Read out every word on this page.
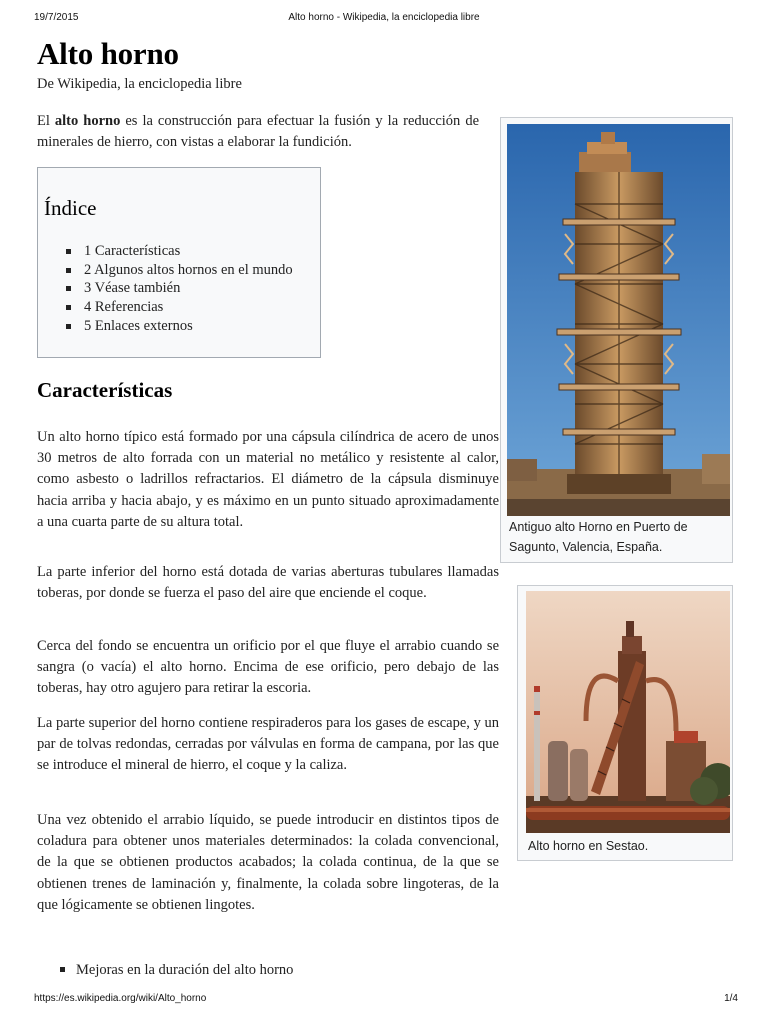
19/7/2015	Alto horno - Wikipedia, la enciclopedia libre
Alto horno
De Wikipedia, la enciclopedia libre

El alto horno es la construcción para efectuar la fusión y la reducción de minerales de hierro, con vistas a elaborar la fundición.

Índice
1 Características
2 Algunos altos hornos en el mundo
3 Véase también
4 Referencias
5 Enlaces externos
Características

Un alto horno típico está formado por una cápsula cilíndrica de acero de unos 30 metros de alto forrada con un material no metálico y resistente al calor, como asbesto o ladrillos refractarios. El diámetro de la cápsula disminuye hacia arriba y hacia abajo, y es máximo en un punto situado aproximadamente a una cuarta parte de su altura total.

La parte inferior del horno está dotada de varias aberturas tubulares llamadas toberas, por donde se fuerza el paso del aire que enciende el coque.

Cerca del fondo se encuentra un orificio por el que fluye el arrabio cuando se sangra (o vacía) el alto horno. Encima de ese orificio, pero debajo de las toberas, hay otro agujero para retirar la escoria.

La parte superior del horno contiene respiraderos para los gases de escape, y un par de tolvas redondas, cerradas por válvulas en forma de campana, por las que se introduce el mineral de hierro, el coque y la caliza.

Una vez obtenido el arrabio líquido, se puede introducir en distintos tipos de coladura para obtener unos materiales determinados: la colada convencional, de la que se obtienen productos acabados; la colada continua, de la que se obtienen trenes de laminación y, finalmente, la colada sobre lingoteras, de la que lógicamente se obtienen lingotes.

Mejoras en la duración del alto horno
Antiguo alto Horno en Puerto de Sagunto, Valencia, España.
Alto horno en Sestao.
https://es.wikipedia.org/wiki/Alto_horno	1/4
